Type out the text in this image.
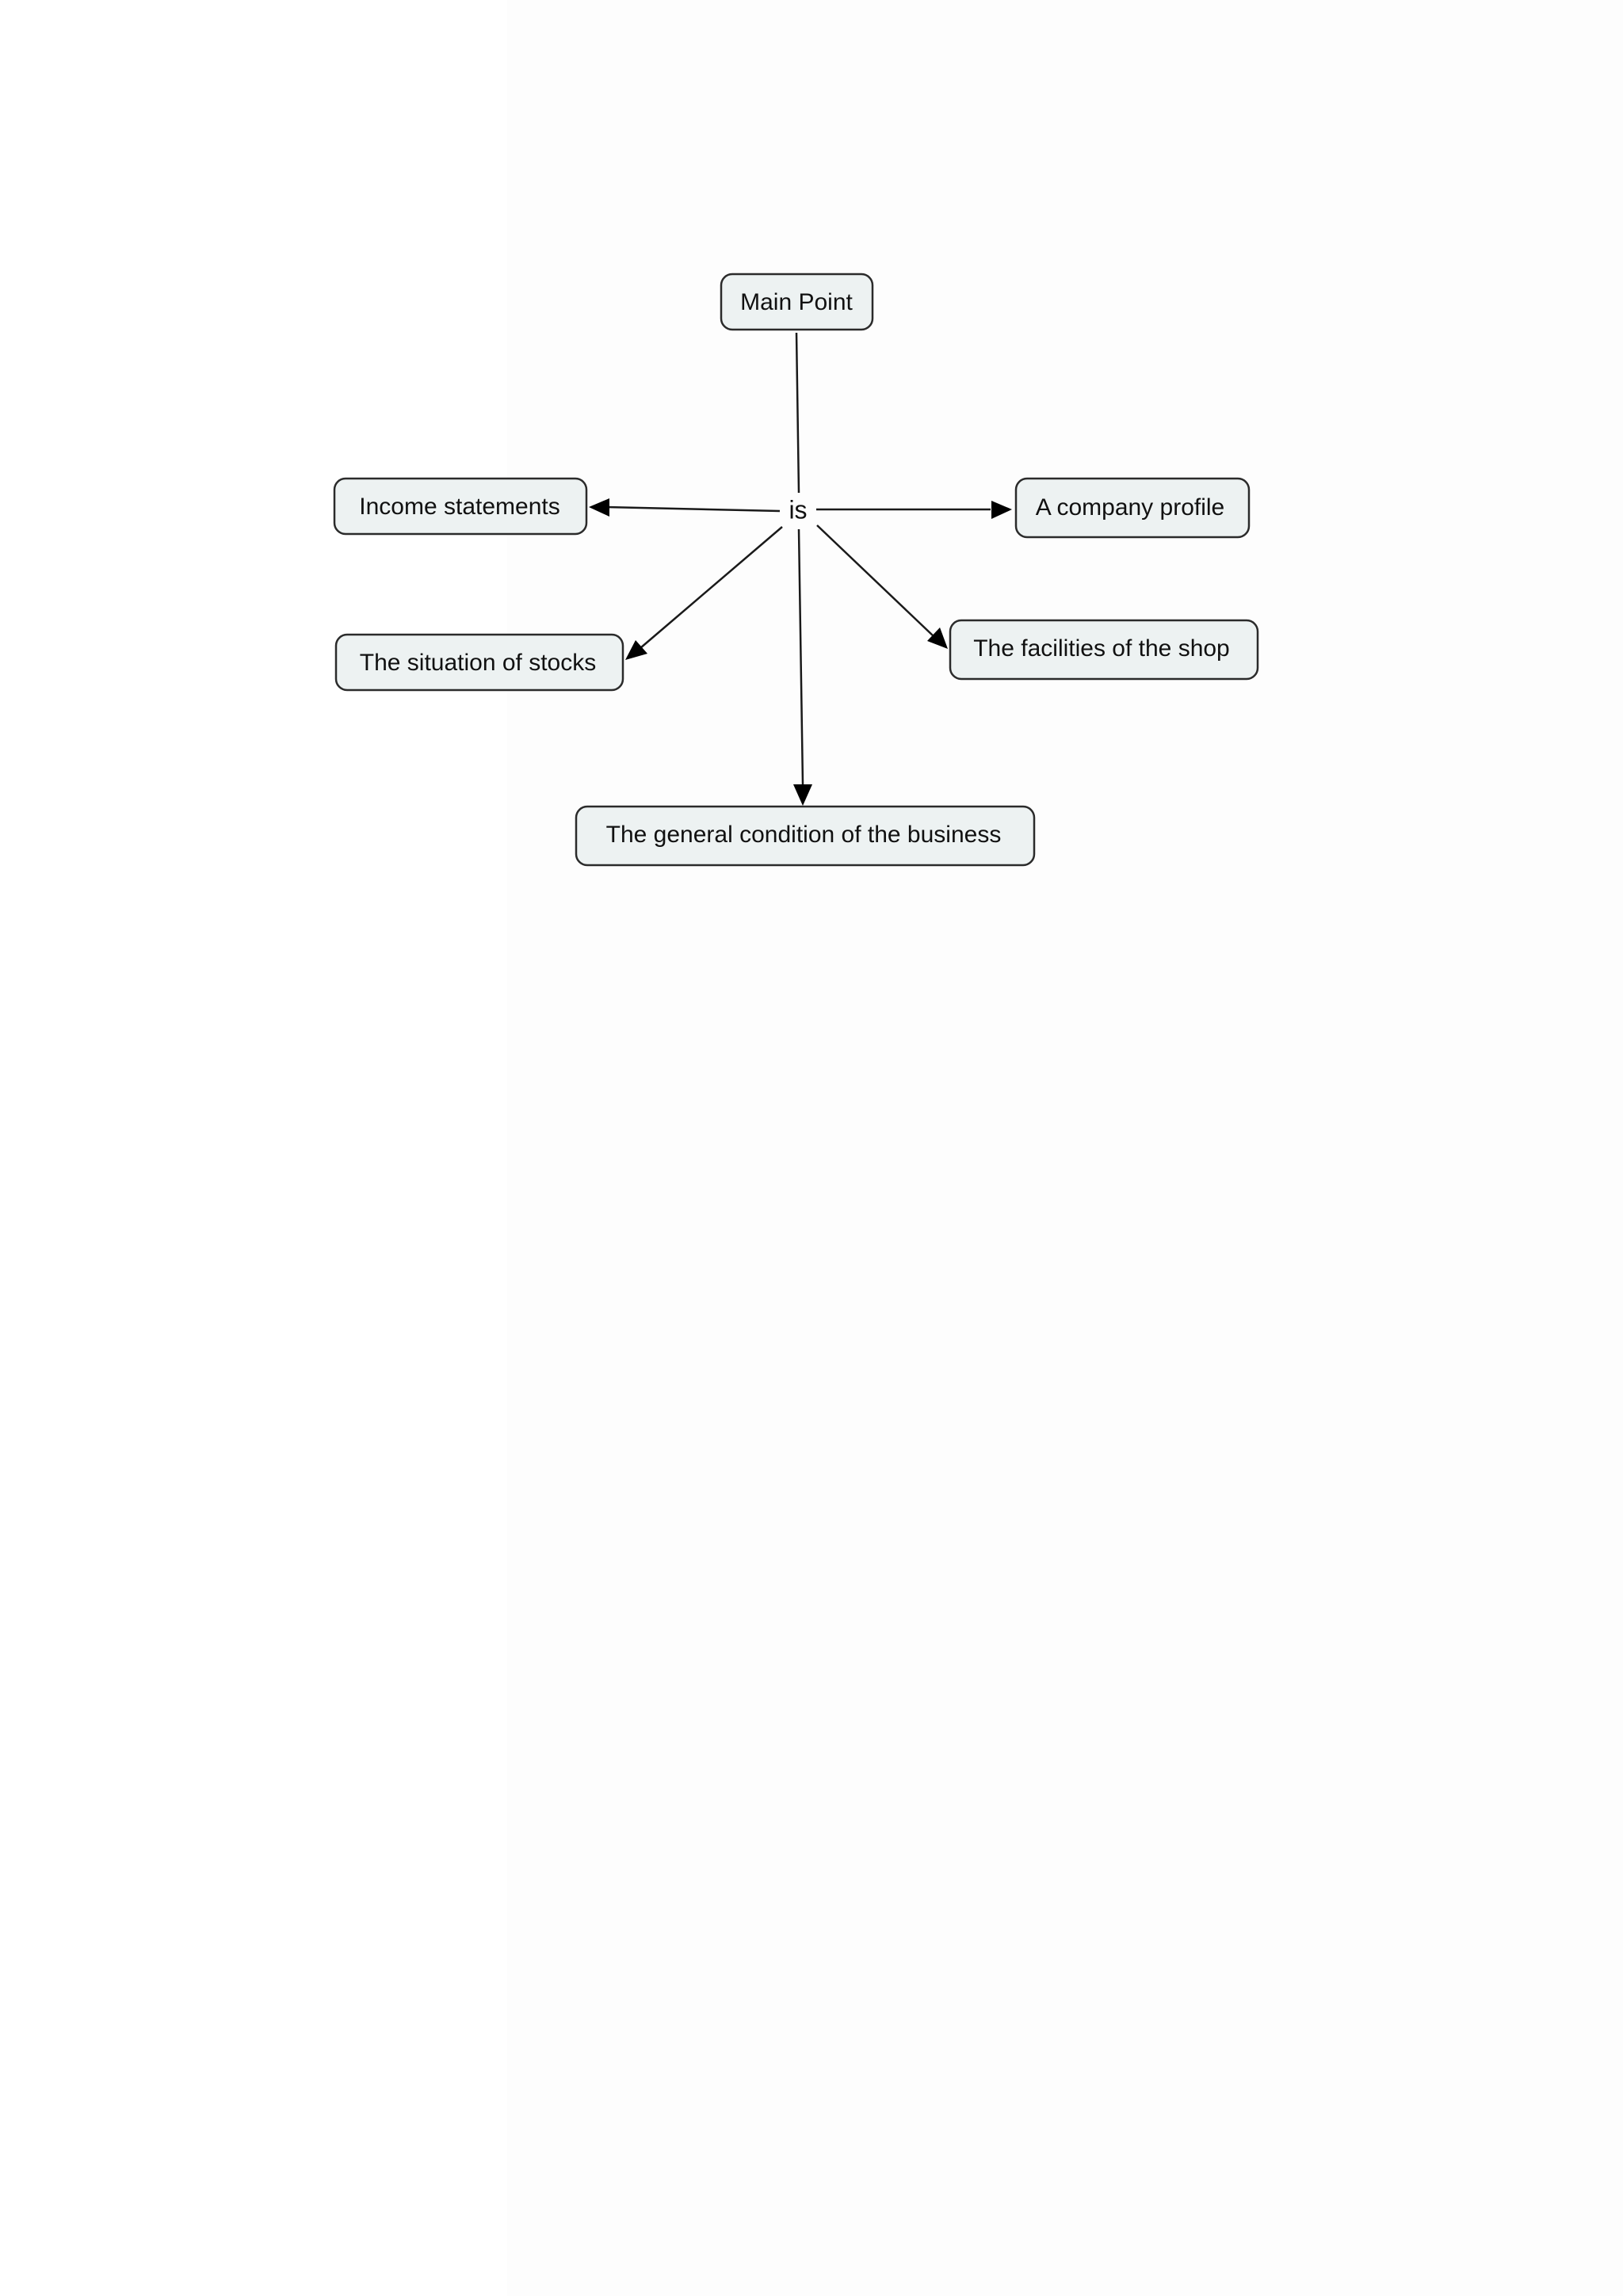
is
Main Point
Income statements	A company profile
The situation of stocks
The facilities of the shop
The general condition of the business
